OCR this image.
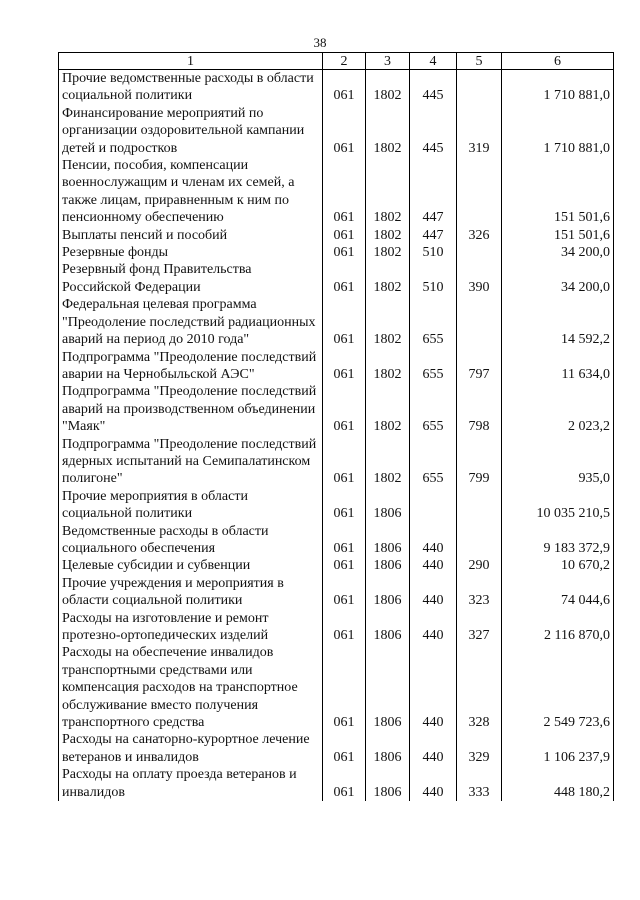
38
1	2	3	4	5	6
Прочие ведомственные расходы в области социальной политики	061	1802	445		1 710 881,0
Финансирование мероприятий по организации оздоровительной кампании детей и подростков	061	1802	445	319	1 710 881,0
Пенсии, пособия, компенсации военнослужащим и членам их семей, а также лицам, приравненным к ним по пенсионному обеспечению	061	1802	447		151 501,6
Выплаты пенсий и пособий	061	1802	447	326	151 501,6
Резервные фонды	061	1802	510		34 200,0
Резервный фонд Правительства Российской Федерации	061	1802	510	390	34 200,0
Федеральная целевая программа "Преодоление последствий радиационных аварий на период до 2010 года"	061	1802	655		14 592,2
Подпрограмма "Преодоление последствий аварии на Чернобыльской АЭС"	061	1802	655	797	11 634,0
Подпрограмма "Преодоление последствий аварий на производственном объединении "Маяк"	061	1802	655	798	2 023,2
Подпрограмма "Преодоление последствий ядерных испытаний на Семипалатинском полигоне"	061	1802	655	799	935,0
Прочие мероприятия в области социальной политики	061	1806			10 035 210,5
Ведомственные расходы в области социального обеспечения	061	1806	440		9 183 372,9
Целевые субсидии и субвенции	061	1806	440	290	10 670,2
Прочие учреждения и мероприятия в области социальной политики	061	1806	440	323	74 044,6
Расходы на изготовление и ремонт протезно-ортопедических изделий	061	1806	440	327	2 116 870,0
Расходы на обеспечение инвалидов транспортными средствами или компенсация расходов на транспортное обслуживание вместо получения транспортного средства	061	1806	440	328	2 549 723,6
Расходы на санаторно-курортное лечение ветеранов и инвалидов	061	1806	440	329	1 106 237,9
Расходы на оплату проезда ветеранов и инвалидов	061	1806	440	333	448 180,2
